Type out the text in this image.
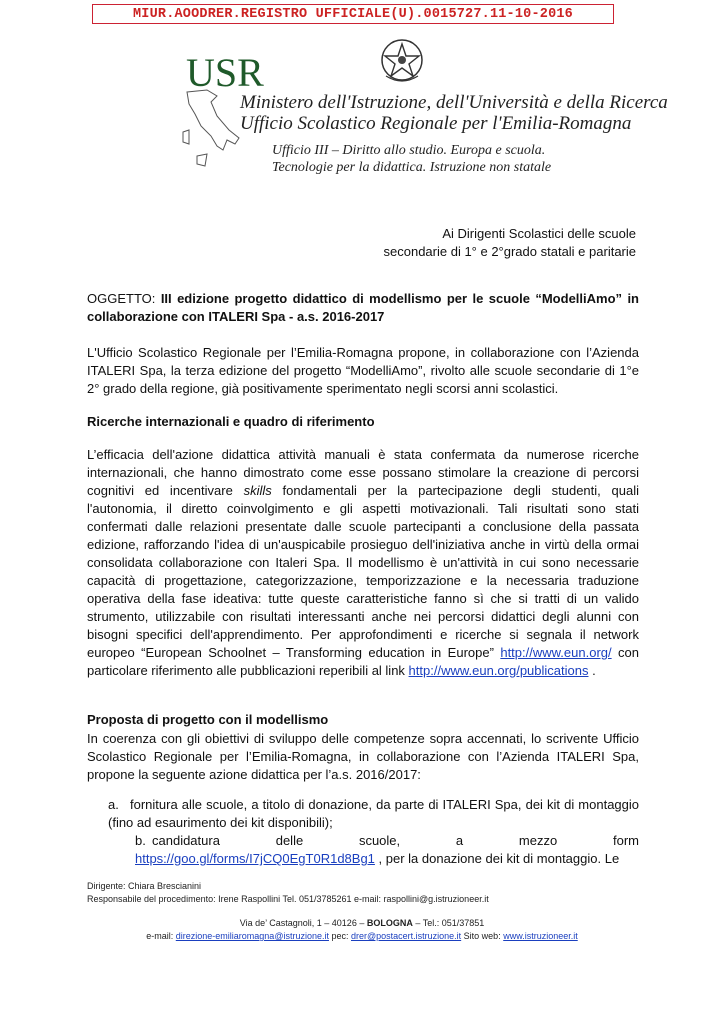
MIUR.AOODRER.REGISTRO UFFICIALE(U).0015727.11-10-2016
USR
Ministero dell'Istruzione, dell'Università e della Ricerca
Ufficio Scolastico Regionale per l'Emilia-Romagna
Ufficio III – Diritto allo studio. Europa e scuola.
Tecnologie per la didattica. Istruzione non statale
Ai Dirigenti Scolastici delle scuole
secondarie di 1° e 2°grado statali e paritarie
OGGETTO: III edizione progetto didattico di modellismo per le scuole “ModelliAmo” in collaborazione con ITALERI Spa - a.s. 2016-2017
L'Ufficio Scolastico Regionale per l’Emilia-Romagna propone, in collaborazione con l’Azienda ITALERI Spa, la terza edizione del progetto “ModelliAmo”, rivolto alle scuole secondarie di 1°e 2° grado della regione, già positivamente sperimentato negli scorsi anni scolastici.
Ricerche internazionali e quadro di riferimento
L’efficacia dell'azione didattica attività manuali è stata confermata da numerose ricerche internazionali, che hanno dimostrato come esse possano stimolare la creazione di percorsi cognitivi ed incentivare skills fondamentali per la partecipazione degli studenti, quali l'autonomia, il diretto coinvolgimento e gli aspetti motivazionali. Tali risultati sono stati confermati dalle relazioni presentate dalle scuole partecipanti a conclusione della passata edizione, rafforzando l'idea di un'auspicabile prosieguo dell'iniziativa anche in virtù della ormai consolidata collaborazione con Italeri Spa. Il modellismo è un'attività in cui sono necessarie capacità di progettazione, categorizzazione, temporizzazione e la necessaria traduzione operativa della fase ideativa: tutte queste caratteristiche fanno sì che si tratti di un valido strumento, utilizzabile con risultati interessanti anche nei percorsi didattici degli alunni con bisogni specifici dell'apprendimento. Per approfondimenti e ricerche si segnala il network europeo “European Schoolnet – Transforming education in Europe” http://www.eun.org/ con particolare riferimento alle pubblicazioni reperibili al link http://www.eun.org/publications .
Proposta di progetto con il modellismo
In coerenza con gli obiettivi di sviluppo delle competenze sopra accennati, lo scrivente Ufficio Scolastico Regionale per l’Emilia-Romagna, in collaborazione con l’Azienda ITALERI Spa, propone la seguente azione didattica per l’a.s. 2016/2017:
a. fornitura alle scuole, a titolo di donazione, da parte di ITALERI Spa, dei kit di montaggio (fino ad esaurimento dei kit disponibili);
b. candidatura	delle	scuole,	a	mezzo	form
https://goo.gl/forms/I7jCQ0EgT0R1d8Bg1 , per la donazione dei kit di montaggio. Le
Dirigente: Chiara Brescianini
Responsabile del procedimento: Irene Raspollini Tel. 051/3785261 e-mail: raspollini@g.istruzioneer.it
Via de’ Castagnoli, 1 – 40126 – BOLOGNA – Tel.: 051/37851
e-mail: direzione-emiliaromagna@istruzione.it pec: drer@postacert.istruzione.it Sito web: www.istruzioneer.it
